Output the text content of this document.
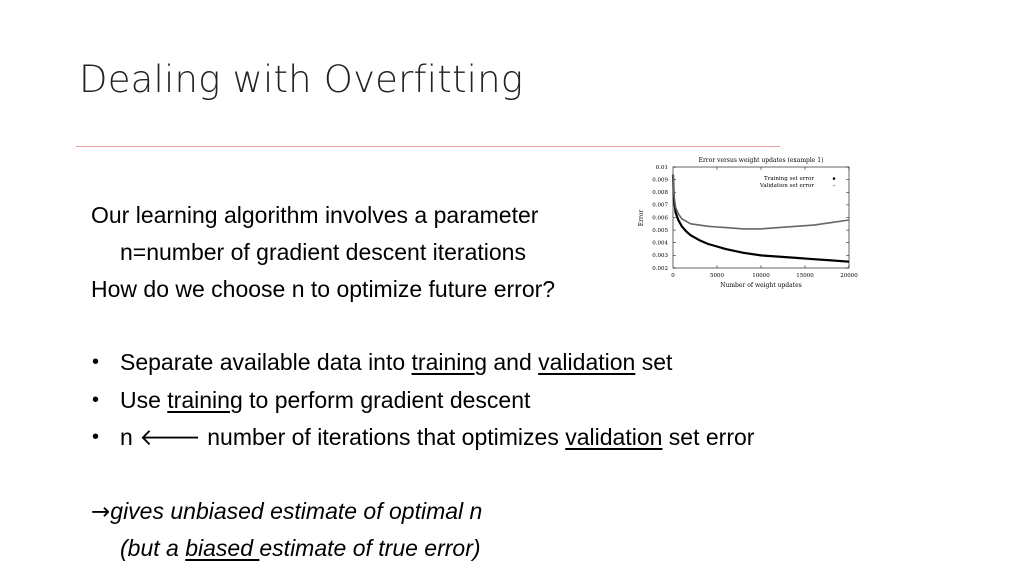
Dealing with Overfitting
Our learning algorithm involves a parameter
n=number of gradient descent iterations
How do we choose n to optimize future error?
• Separate available data into training and validation set
• Use training to perform gradient descent
• n 🡐 number of iterations that optimizes validation set error
→gives unbiased estimate of optimal n
(but a biased estimate of true error)
Error versus weight updates (example 1)
0.002
0.003
0.004
0.005
0.006
0.007
0.008
0.009
0.01
0	5000	10000	15000	20000
Number of weight updates
Error
Training set error
Validation set error
